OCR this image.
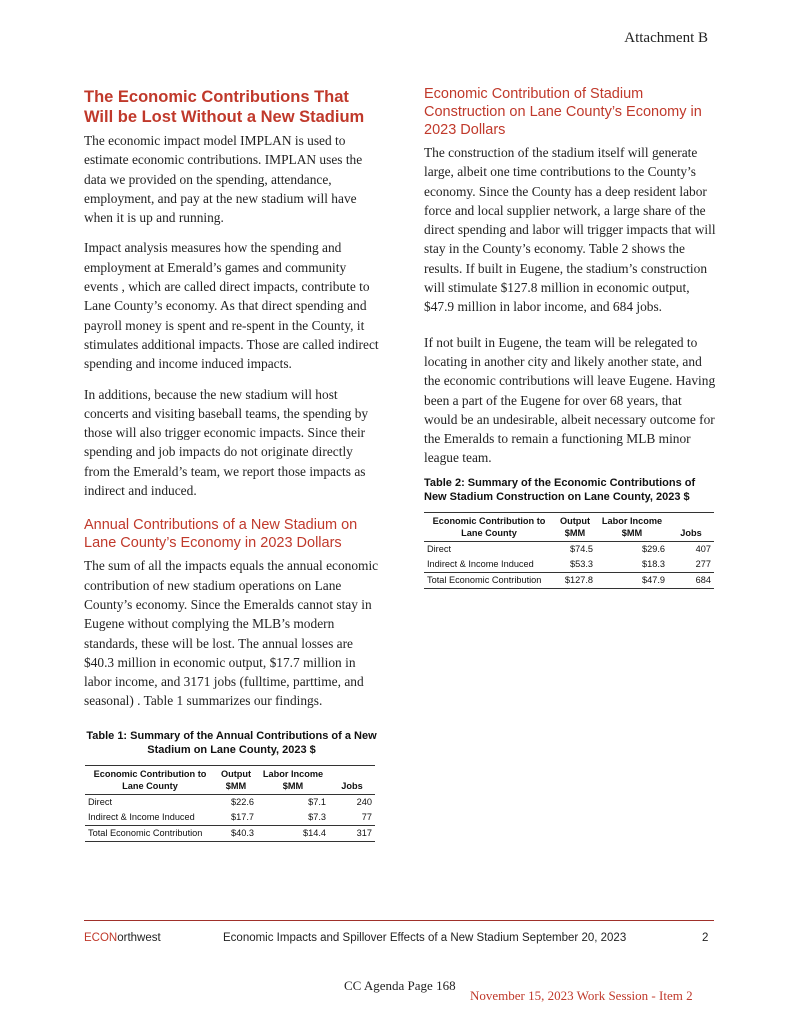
Attachment B
The Economic Contributions That Will be Lost Without a New Stadium

The economic impact model IMPLAN is used to estimate economic contributions. IMPLAN uses the data we provided on the spending, attendance, employment, and pay at the new stadium will have when it is up and running.

Impact analysis measures how the spending and employment at Emerald’s games and community events , which are called direct impacts, contribute to Lane County’s economy. As that direct spending and payroll money is spent and re-spent in the County, it stimulates additional impacts. Those are called indirect spending and income induced impacts.

In additions, because the new stadium will host concerts and visiting baseball teams, the spending by those will also trigger economic impacts. Since their spending and job impacts do not originate directly from the Emerald’s team, we report those impacts as indirect and induced.

Annual Contributions of a New Stadium on Lane County’s Economy in 2023 Dollars

The sum of all the impacts equals the annual economic contribution of new stadium operations on Lane County’s economy. Since the Emeralds cannot stay in Eugene without complying the MLB’s modern standards, these will be lost. The annual losses are $40.3 million in economic output, $17.7 million in labor income, and 3171 jobs (fulltime, parttime, and seasonal) . Table 1 summarizes our findings.

Table 1: Summary of the Annual Contributions of a New Stadium on Lane County, 2023 $
Economic Contribution to Lane County	Output $MM	Labor Income $MM	Jobs
Direct	$22.6	$7.1	240
Indirect & Income Induced	$17.7	$7.3	77
Total Economic Contribution	$40.3	$14.4	317
Economic Contribution of Stadium Construction on Lane County’s Economy in 2023 Dollars

The construction of the stadium itself will generate large, albeit one time contributions to the County’s economy. Since the County has a deep resident labor force and local supplier network, a large share of the direct spending and labor will trigger impacts that will stay in the County’s economy. Table 2 shows the results. If built in Eugene, the stadium’s construction will stimulate $127.8 million in economic output, $47.9 million in labor income, and 684 jobs.

If not built in Eugene, the team will be relegated to locating in another city and likely another state, and the economic contributions will leave Eugene. Having been a part of the Eugene for over 68 years, that would be an undesirable, albeit necessary outcome for the Emeralds to remain a functioning MLB minor league team.

Table 2: Summary of the Economic Contributions of New Stadium Construction on Lane County, 2023 $
Economic Contribution to Lane County	Output $MM	Labor Income $MM	Jobs
Direct	$74.5	$29.6	407
Indirect & Income Induced	$53.3	$18.3	277
Total Economic Contribution	$127.8	$47.9	684
ECONorthwest	Economic Impacts and Spillover Effects of a New Stadium September 20, 2023	2
CC Agenda Page 168
November 15, 2023 Work Session - Item 2
